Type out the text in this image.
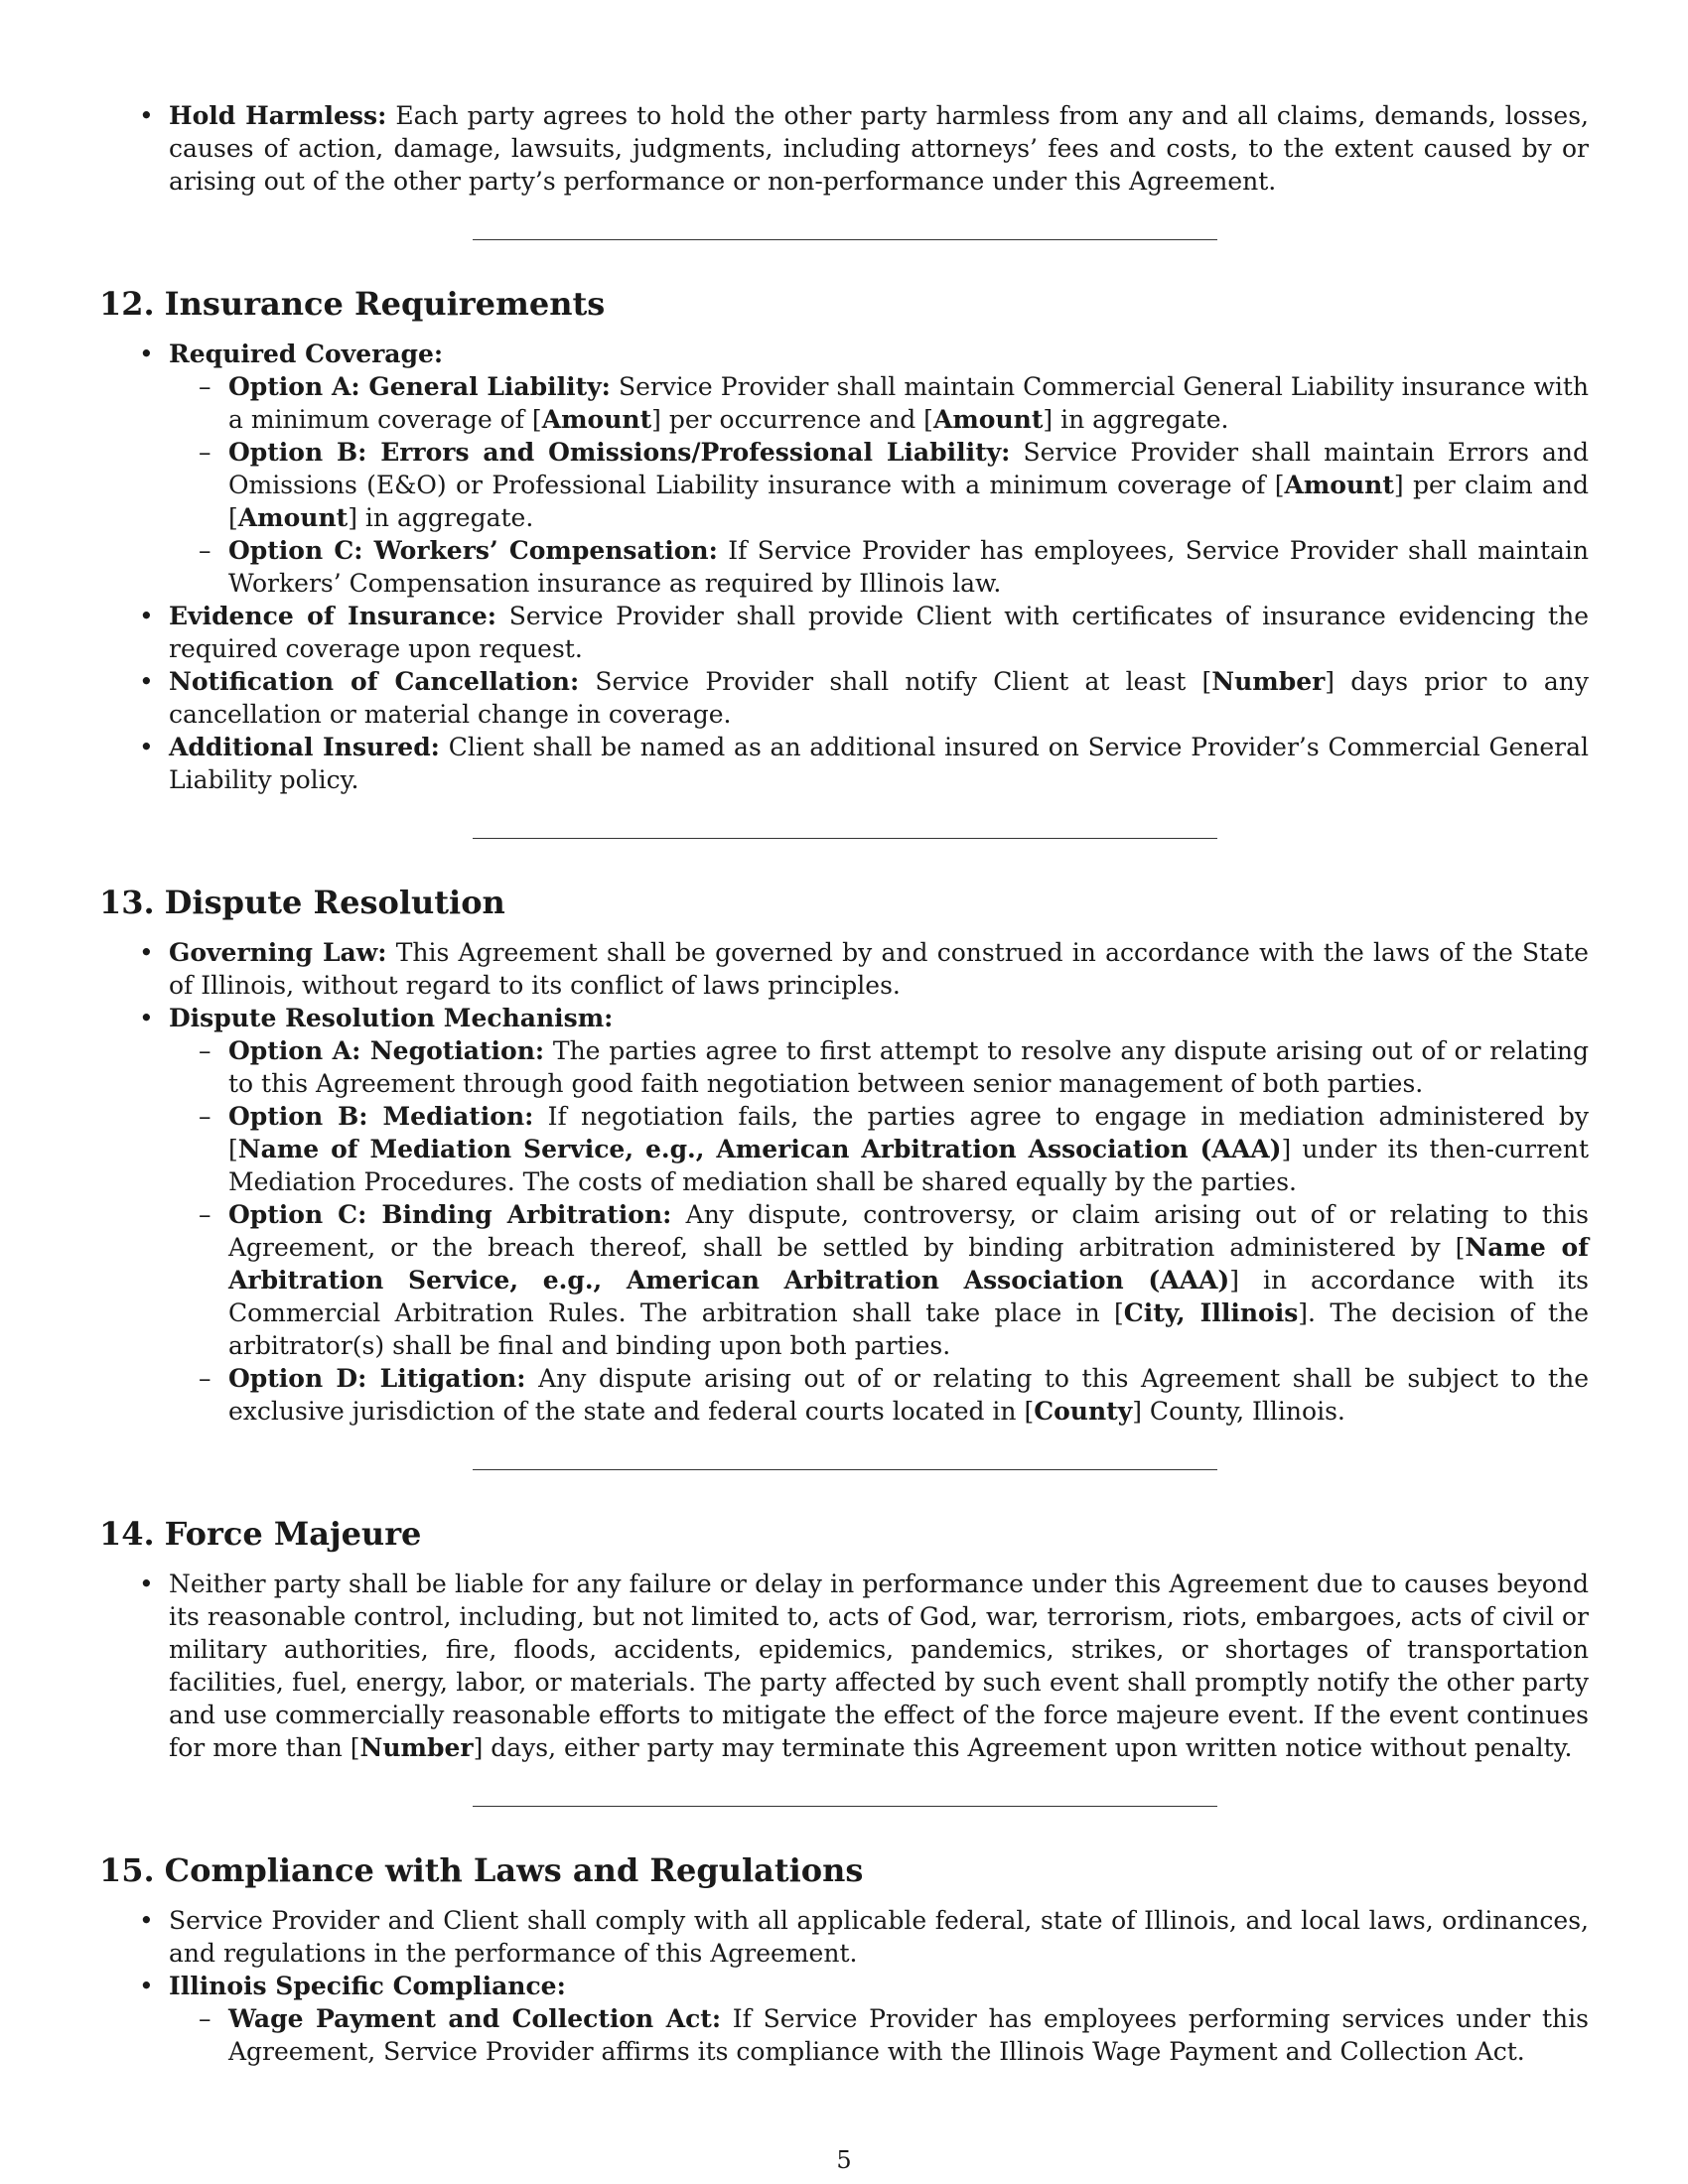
• Hold Harmless: Each party agrees to hold the other party harmless from any and all claims, demands, losses, causes of action, damage, lawsuits, judgments, including attorneys’ fees and costs, to the extent caused by or arising out of the other party’s performance or non-performance under this Agreement.
12. Insurance Requirements
• Required Coverage:
– Option A: General Liability: Service Provider shall maintain Commercial General Liability insurance with a minimum coverage of [Amount] per occurrence and [Amount] in aggregate.
– Option B: Errors and Omissions/Professional Liability: Service Provider shall maintain Errors and Omissions (E&O) or Professional Liability insurance with a minimum coverage of [Amount] per claim and [Amount] in aggregate.
– Option C: Workers’ Compensation: If Service Provider has employees, Service Provider shall maintain Workers’ Compensation insurance as required by Illinois law.
• Evidence of Insurance: Service Provider shall provide Client with certificates of insurance evidencing the required coverage upon request.
• Notification of Cancellation: Service Provider shall notify Client at least [Number] days prior to any cancellation or material change in coverage.
• Additional Insured: Client shall be named as an additional insured on Service Provider’s Commercial General Liability policy.
13. Dispute Resolution
• Governing Law: This Agreement shall be governed by and construed in accordance with the laws of the State of Illinois, without regard to its conflict of laws principles.
• Dispute Resolution Mechanism:
– Option A: Negotiation: The parties agree to first attempt to resolve any dispute arising out of or relating to this Agreement through good faith negotiation between senior management of both parties.
– Option B: Mediation: If negotiation fails, the parties agree to engage in mediation administered by [Name of Mediation Service, e.g., American Arbitration Association (AAA)] under its then-current Mediation Procedures. The costs of mediation shall be shared equally by the parties.
– Option C: Binding Arbitration: Any dispute, controversy, or claim arising out of or relating to this Agreement, or the breach thereof, shall be settled by binding arbitration administered by [Name of Arbitration Service, e.g., American Arbitration Association (AAA)] in accordance with its Commercial Arbitration Rules. The arbitration shall take place in [City, Illinois]. The decision of the arbitrator(s) shall be final and binding upon both parties.
– Option D: Litigation: Any dispute arising out of or relating to this Agreement shall be subject to the exclusive jurisdiction of the state and federal courts located in [County] County, Illinois.
14. Force Majeure
• Neither party shall be liable for any failure or delay in performance under this Agreement due to causes beyond its reasonable control, including, but not limited to, acts of God, war, terrorism, riots, embargoes, acts of civil or military authorities, fire, floods, accidents, epidemics, pandemics, strikes, or shortages of transportation facilities, fuel, energy, labor, or materials. The party affected by such event shall promptly notify the other party and use commercially reasonable efforts to mitigate the effect of the force majeure event. If the event continues for more than [Number] days, either party may terminate this Agreement upon written notice without penalty.
15. Compliance with Laws and Regulations
• Service Provider and Client shall comply with all applicable federal, state of Illinois, and local laws, ordinances, and regulations in the performance of this Agreement.
• Illinois Specific Compliance:
– Wage Payment and Collection Act: If Service Provider has employees performing services under this Agreement, Service Provider affirms its compliance with the Illinois Wage Payment and Collection Act.
5
